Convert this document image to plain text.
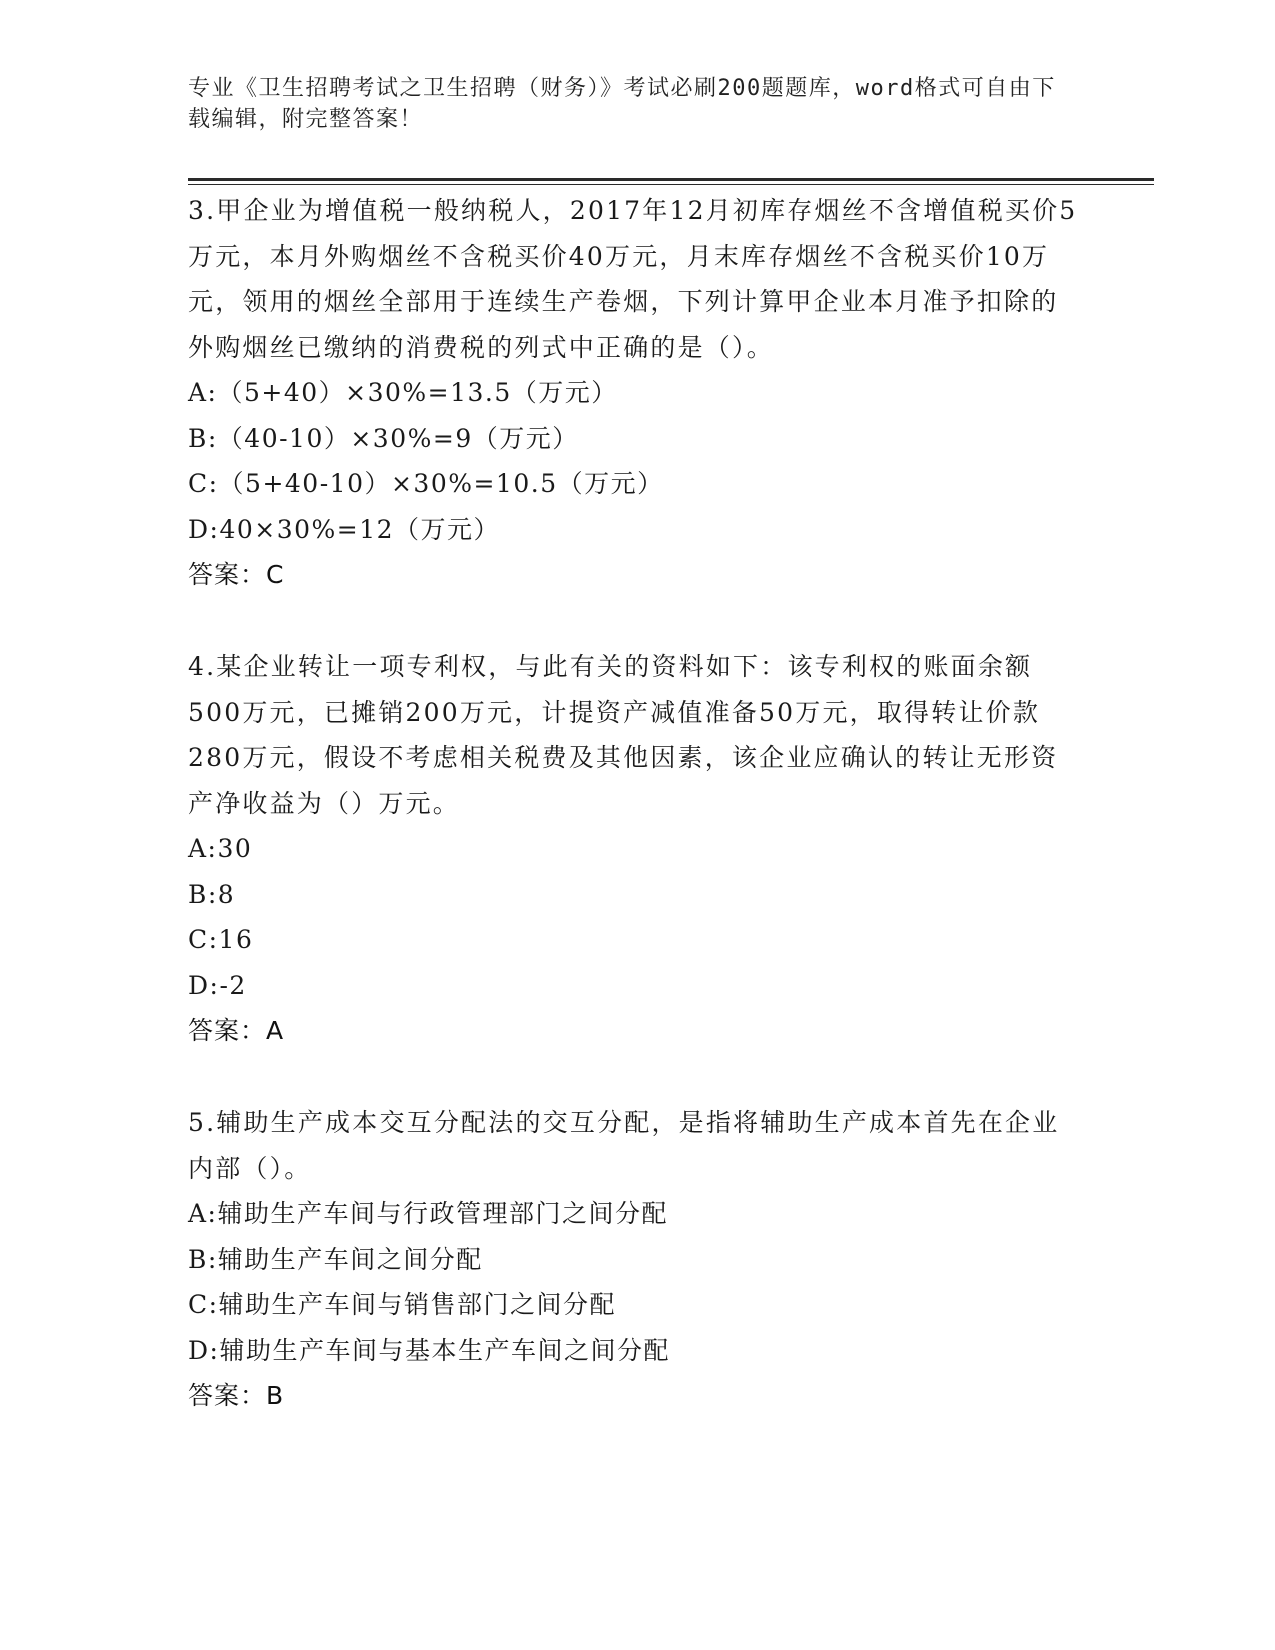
专业《卫生招聘考试之卫生招聘（财务）》考试必刷200题题库，word格式可自由下载编辑，附完整答案！

3.甲企业为增值税一般纳税人，2017年12月初库存烟丝不含增值税买价5万元，本月外购烟丝不含税买价40万元，月末库存烟丝不含税买价10万元，领用的烟丝全部用于连续生产卷烟，下列计算甲企业本月准予扣除的外购烟丝已缴纳的消费税的列式中正确的是（）。

A:（5+40）×30%=13.5（万元）

B:（40-10）×30%=9（万元）

C:（5+40-10）×30%=10.5（万元）

D:40×30%=12（万元）

答案：C

4.某企业转让一项专利权，与此有关的资料如下：该专利权的账面余额500万元，已摊销200万元，计提资产减值准备50万元，取得转让价款280万元，假设不考虑相关税费及其他因素，该企业应确认的转让无形资产净收益为（）万元。

A:30

B:8

C:16

D:-2

答案：A

5.辅助生产成本交互分配法的交互分配，是指将辅助生产成本首先在企业内部（）。

A:辅助生产车间与行政管理部门之间分配

B:辅助生产车间之间分配

C:辅助生产车间与销售部门之间分配

D:辅助生产车间与基本生产车间之间分配

答案：B
